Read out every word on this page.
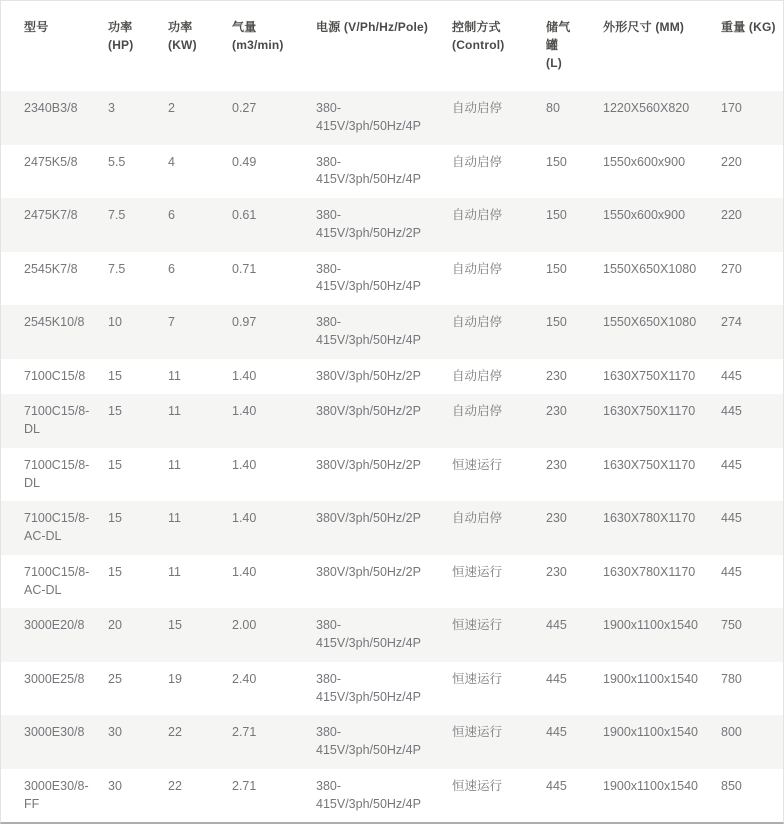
型号	功率 (HP)	功率 (KW)	气量 (m3/min)	电源 (V/Ph/Hz/Pole)	控制方式 (Control)	储气罐 (L)	外形尺寸 (MM)	重量 (KG)
2340B3/8	3	2	0.27	380-415V/3ph/50Hz/4P	自动启停	80	1220X560X820	170
2475K5/8	5.5	4	0.49	380-415V/3ph/50Hz/4P	自动启停	150	1550x600x900	220
2475K7/8	7.5	6	0.61	380-415V/3ph/50Hz/2P	自动启停	150	1550x600x900	220
2545K7/8	7.5	6	0.71	380-415V/3ph/50Hz/4P	自动启停	150	1550X650X1080	270
2545K10/8	10	7	0.97	380-415V/3ph/50Hz/4P	自动启停	150	1550X650X1080	274
7100C15/8	15	11	1.40	380V/3ph/50Hz/2P	自动启停	230	1630X750X1170	445
7100C15/8-DL	15	11	1.40	380V/3ph/50Hz/2P	自动启停	230	1630X750X1170	445
7100C15/8-DL	15	11	1.40	380V/3ph/50Hz/2P	恒速运行	230	1630X750X1170	445
7100C15/8-AC-DL	15	11	1.40	380V/3ph/50Hz/2P	自动启停	230	1630X780X1170	445
7100C15/8-AC-DL	15	11	1.40	380V/3ph/50Hz/2P	恒速运行	230	1630X780X1170	445
3000E20/8	20	15	2.00	380-415V/3ph/50Hz/4P	恒速运行	445	1900x1100x1540	750
3000E25/8	25	19	2.40	380-415V/3ph/50Hz/4P	恒速运行	445	1900x1100x1540	780
3000E30/8	30	22	2.71	380-415V/3ph/50Hz/4P	恒速运行	445	1900x1100x1540	800
3000E30/8-FF	30	22	2.71	380-415V/3ph/50Hz/4P	恒速运行	445	1900x1100x1540	850
